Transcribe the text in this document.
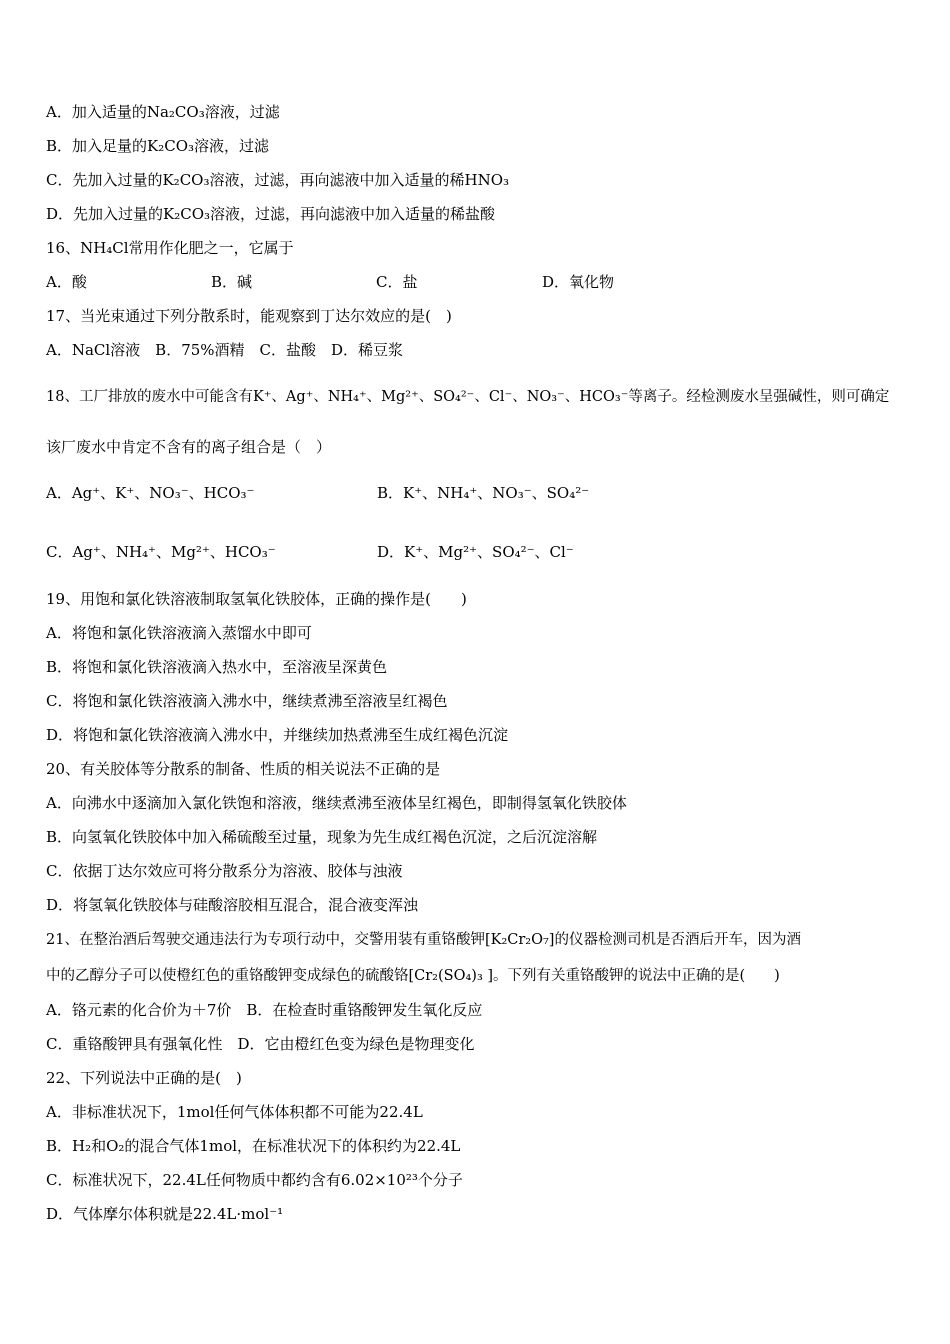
A．加入适量的Na₂CO₃溶液，过滤
B．加入足量的K₂CO₃溶液，过滤
C．先加入过量的K₂CO₃溶液，过滤，再向滤液中加入适量的稀HNO₃
D．先加入过量的K₂CO₃溶液，过滤，再向滤液中加入适量的稀盐酸
16、NH₄Cl常用作化肥之一，它属于
A．酸	B．碱	C．盐	D．氧化物
17、当光束通过下列分散系时，能观察到丁达尔效应的是(　)
A．NaCl溶液　B．75%酒精　C．盐酸　D．稀豆浆
18、工厂排放的废水中可能含有K⁺、Ag⁺、NH₄⁺、Mg²⁺、SO₄²⁻、Cl⁻、NO₃⁻、HCO₃⁻等离子。经检测废水呈强碱性，则可确定
该厂废水中肯定不含有的离子组合是（　）
A．Ag⁺、K⁺、NO₃⁻、HCO₃⁻	B．K⁺、NH₄⁺、NO₃⁻、SO₄²⁻
C．Ag⁺、NH₄⁺、Mg²⁺、HCO₃⁻	D．K⁺、Mg²⁺、SO₄²⁻、Cl⁻
19、用饱和氯化铁溶液制取氢氧化铁胶体，正确的操作是(　　)
A．将饱和氯化铁溶液滴入蒸馏水中即可
B．将饱和氯化铁溶液滴入热水中，至溶液呈深黄色
C．将饱和氯化铁溶液滴入沸水中，继续煮沸至溶液呈红褐色
D．将饱和氯化铁溶液滴入沸水中，并继续加热煮沸至生成红褐色沉淀
20、有关胶体等分散系的制备、性质的相关说法不正确的是
A．向沸水中逐滴加入氯化铁饱和溶液，继续煮沸至液体呈红褐色，即制得氢氧化铁胶体
B．向氢氧化铁胶体中加入稀硫酸至过量，现象为先生成红褐色沉淀，之后沉淀溶解
C．依据丁达尔效应可将分散系分为溶液、胶体与浊液
D．将氢氧化铁胶体与硅酸溶胶相互混合，混合液变浑浊
21、在整治酒后驾驶交通违法行为专项行动中，交警用装有重铬酸钾[K₂Cr₂O₇]的仪器检测司机是否酒后开车，因为酒
中的乙醇分子可以使橙红色的重铬酸钾变成绿色的硫酸铬[Cr₂(SO₄)₃ ]。下列有关重铬酸钾的说法中正确的是(　　)
A．铬元素的化合价为＋7价　B．在检查时重铬酸钾发生氧化反应
C．重铬酸钾具有强氧化性　D．它由橙红色变为绿色是物理变化
22、下列说法中正确的是(　)
A．非标准状况下，1mol任何气体体积都不可能为22.4L
B．H₂和O₂的混合气体1mol，在标准状况下的体积约为22.4L
C．标准状况下，22.4L任何物质中都约含有6.02×10²³个分子
D．气体摩尔体积就是22.4L·mol⁻¹
